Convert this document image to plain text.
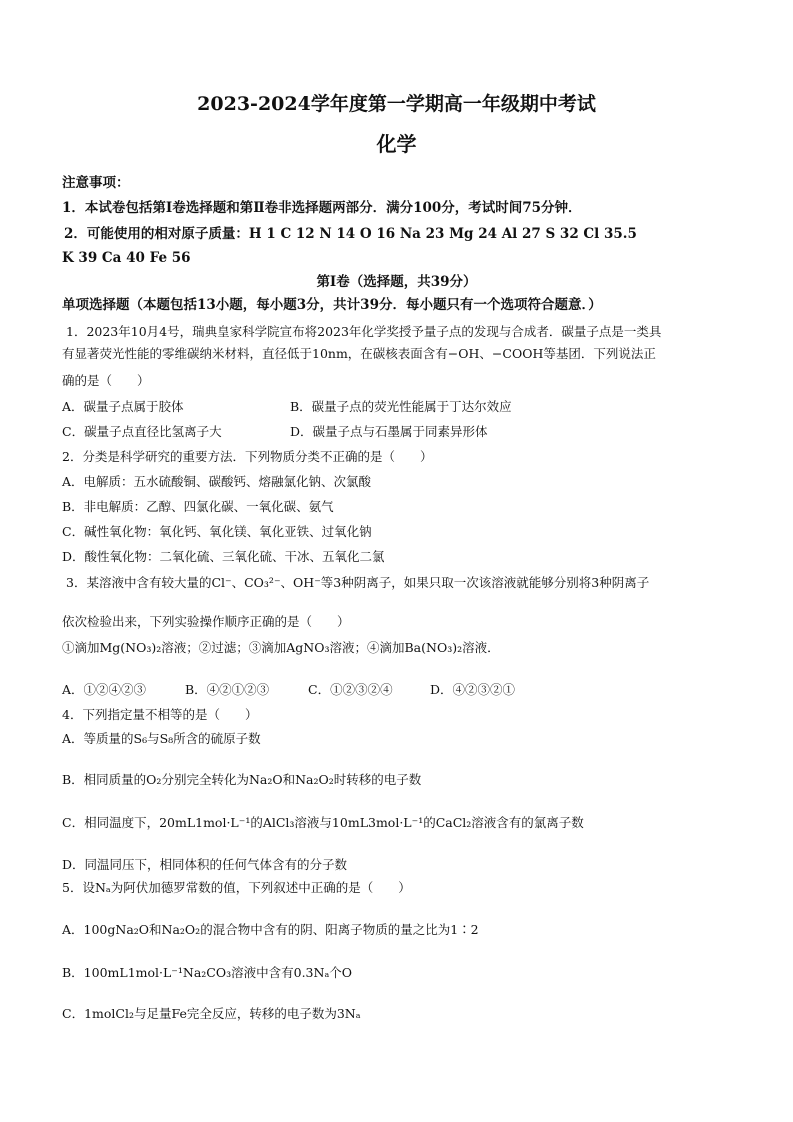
2023-2024学年度第一学期高一年级期中考试
化学
注意事项：
1．本试卷包括第Ⅰ卷选择题和第Ⅱ卷非选择题两部分．满分100分，考试时间75分钟．
2．可能使用的相对原子质量：H 1 C 12 N 14 O 16 Na 23 Mg 24 Al 27 S 32 Cl 35.5
K 39 Ca 40 Fe 56
第Ⅰ卷（选择题，共39分）
单项选择题（本题包括13小题，每小题3分，共计39分．每小题只有一个选项符合题意．）
1．2023年10月4号，瑞典皇家科学院宣布将2023年化学奖授予量子点的发现与合成者．碳量子点是一类具
有显著荧光性能的零维碳纳米材料，直径低于10nm，在碳核表面含有−OH、−COOH等基团．下列说法正
确的是（　　）
A．碳量子点属于胶体	B．碳量子点的荧光性能属于丁达尔效应
C．碳量子点直径比氢离子大	D．碳量子点与石墨属于同素异形体
2．分类是科学研究的重要方法．下列物质分类不正确的是（　　）
A．电解质：五水硫酸铜、碳酸钙、熔融氯化钠、次氯酸
B．非电解质：乙醇、四氯化碳、一氧化碳、氨气
C．碱性氧化物：氧化钙、氧化镁、氧化亚铁、过氧化钠
D．酸性氧化物：二氧化硫、三氧化硫、干冰、五氧化二氯
3．某溶液中含有较大量的Cl⁻、CO₃²⁻、OH⁻等3种阴离子，如果只取一次该溶液就能够分别将3种阴离子
依次检验出来，下列实验操作顺序正确的是（　　）
①滴加Mg(NO₃)₂溶液；②过滤；③滴加AgNO₃溶液；④滴加Ba(NO₃)₂溶液．
A．①②④②③	B．④②①②③	C．①②③②④	D．④②③②①
4．下列指定量不相等的是（　　）
A．等质量的S₆与S₈所含的硫原子数
B．相同质量的O₂分别完全转化为Na₂O和Na₂O₂时转移的电子数
C．相同温度下，20mL1mol·L⁻¹的AlCl₃溶液与10mL3mol·L⁻¹的CaCl₂溶液含有的氯离子数
D．同温同压下，相同体积的任何气体含有的分子数
5．设Nₐ为阿伏加德罗常数的值，下列叙述中正确的是（　　）
A．100gNa₂O和Na₂O₂的混合物中含有的阴、阳离子物质的量之比为1∶2
B．100mL1mol·L⁻¹Na₂CO₃溶液中含有0.3Nₐ个O
C．1molCl₂与足量Fe完全反应，转移的电子数为3Nₐ
